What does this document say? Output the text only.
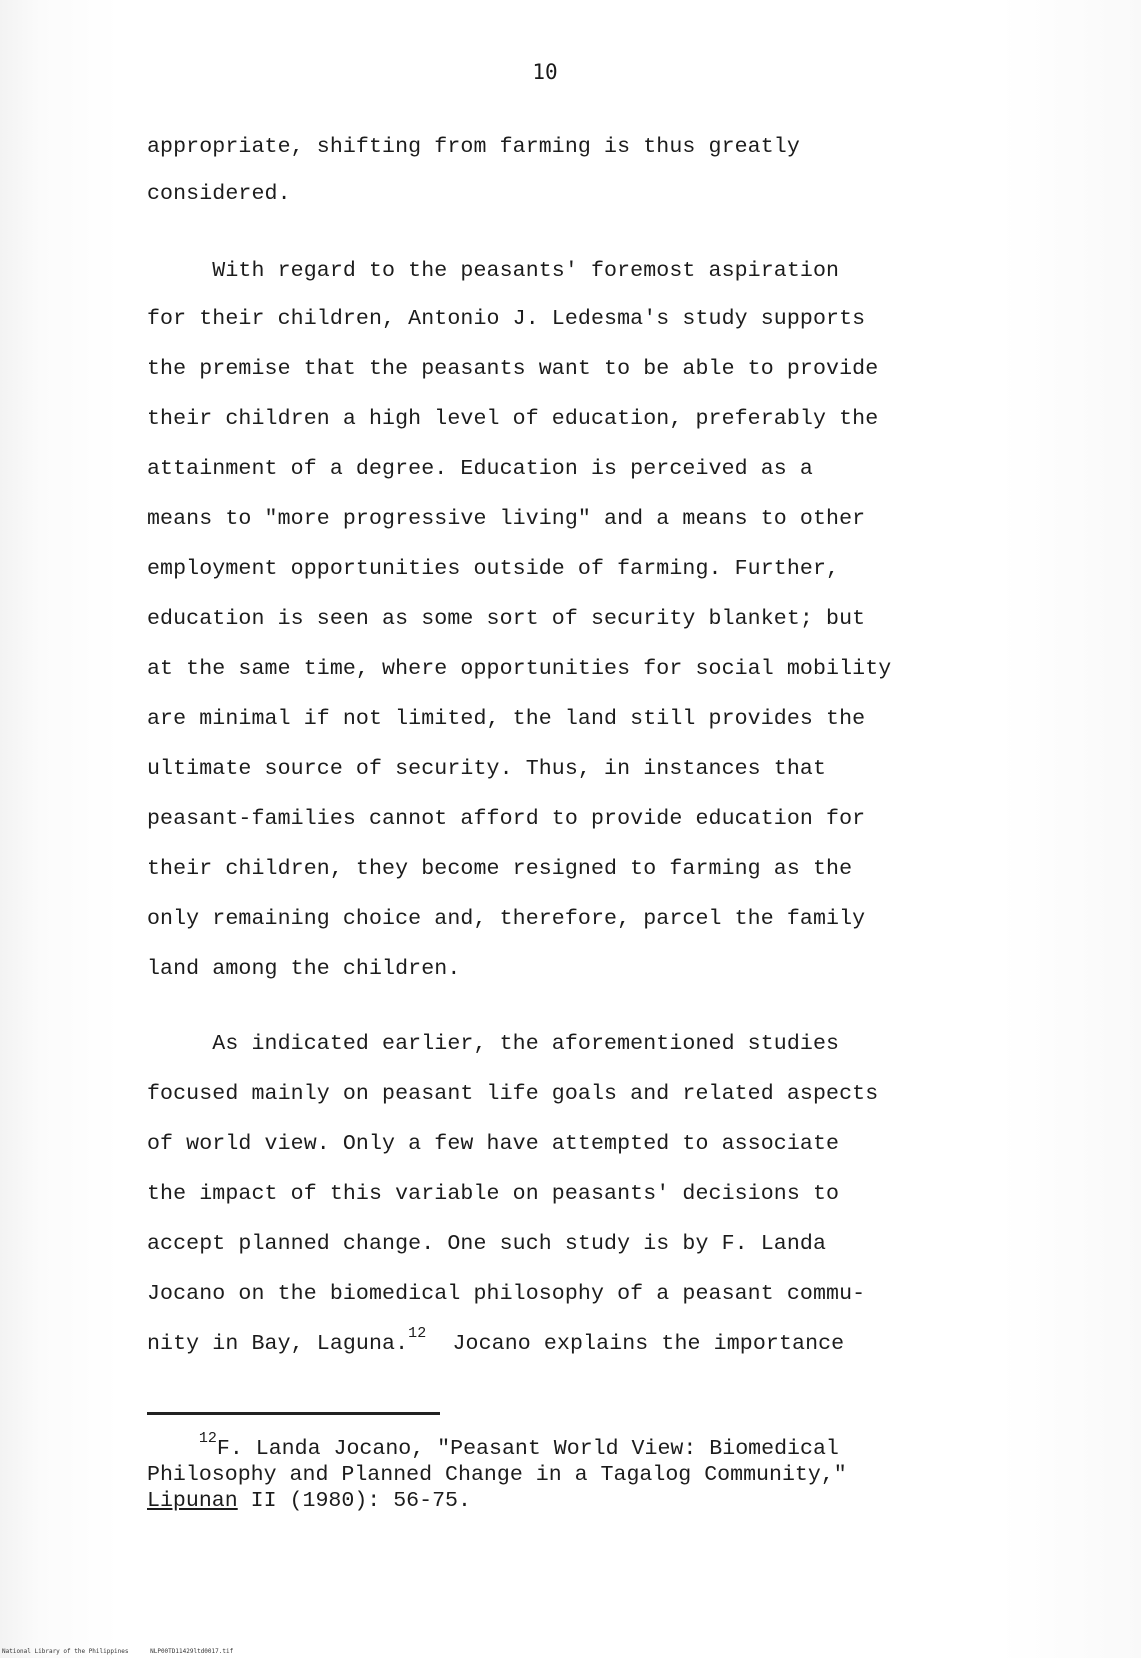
10
appropriate, shifting from farming is thus greatly
considered.
With regard to the peasants' foremost aspiration
for their children, Antonio J. Ledesma's study supports
the premise that the peasants want to be able to provide
their children a high level of education, preferably the
attainment of a degree. Education is perceived as a
means to "more progressive living" and a means to other
employment opportunities outside of farming. Further,
education is seen as some sort of security blanket; but
at the same time, where opportunities for social mobility
are minimal if not limited, the land still provides the
ultimate source of security. Thus, in instances that
peasant-families cannot afford to provide education for
their children, they become resigned to farming as the
only remaining choice and, therefore, parcel the family
land among the children.
As indicated earlier, the aforementioned studies
focused mainly on peasant life goals and related aspects
of world view. Only a few have attempted to associate
the impact of this variable on peasants' decisions to
accept planned change. One such study is by F. Landa
Jocano on the biomedical philosophy of a peasant commu-
nity in Bay, Laguna.$^{12}$  Jocano explains the importance
$^{12}$F. Landa Jocano, "Peasant World View: Biomedical
Philosophy and Planned Change in a Tagalog Community,"
Lipunan II (1980): 56-75.
National Library of the Philippines      NLP00TD11429ltd0017.tif
